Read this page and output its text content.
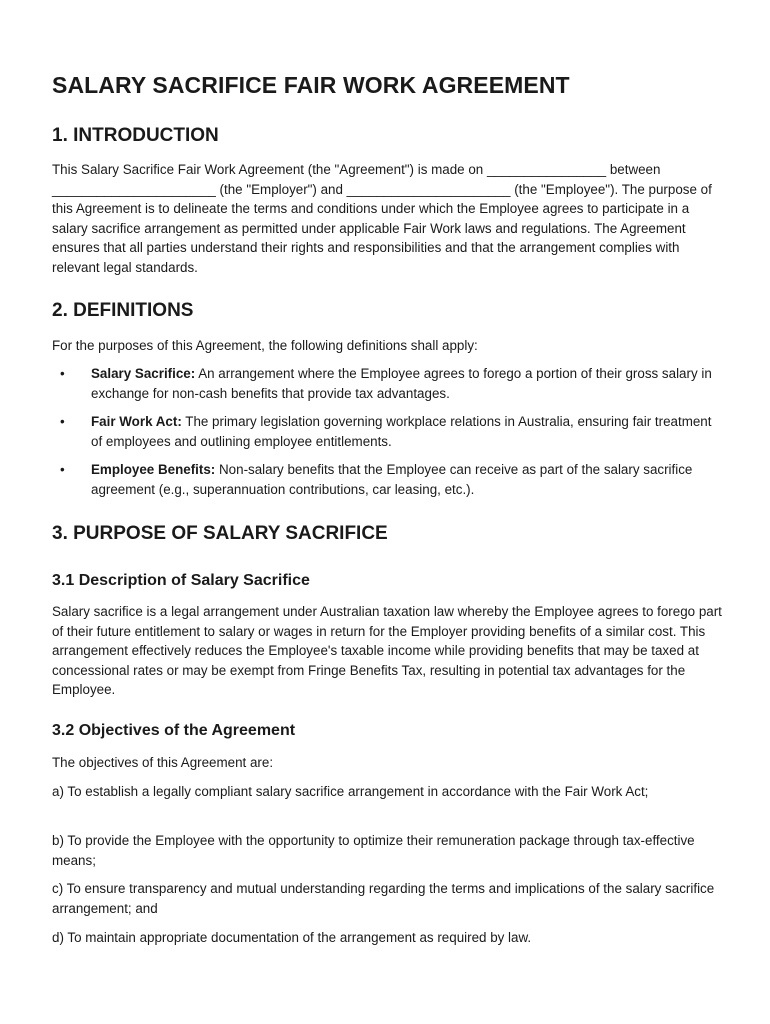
SALARY SACRIFICE FAIR WORK AGREEMENT
1. INTRODUCTION

This Salary Sacrifice Fair Work Agreement (the "Agreement") is made on ________________ between ______________________ (the "Employer") and ______________________ (the "Employee"). The purpose of this Agreement is to delineate the terms and conditions under which the Employee agrees to participate in a salary sacrifice arrangement as permitted under applicable Fair Work laws and regulations. The Agreement ensures that all parties understand their rights and responsibilities and that the arrangement complies with relevant legal standards.

2. DEFINITIONS

For the purposes of this Agreement, the following definitions shall apply:

• Salary Sacrifice: An arrangement where the Employee agrees to forego a portion of their gross salary in exchange for non-cash benefits that provide tax advantages.
• Fair Work Act: The primary legislation governing workplace relations in Australia, ensuring fair treatment of employees and outlining employee entitlements.
• Employee Benefits: Non-salary benefits that the Employee can receive as part of the salary sacrifice agreement (e.g., superannuation contributions, car leasing, etc.).
3. PURPOSE OF SALARY SACRIFICE
3.1 Description of Salary Sacrifice

Salary sacrifice is a legal arrangement under Australian taxation law whereby the Employee agrees to forego part of their future entitlement to salary or wages in return for the Employer providing benefits of a similar cost. This arrangement effectively reduces the Employee's taxable income while providing benefits that may be taxed at concessional rates or may be exempt from Fringe Benefits Tax, resulting in potential tax advantages for the Employee.

3.2 Objectives of the Agreement

The objectives of this Agreement are:

a) To establish a legally compliant salary sacrifice arrangement in accordance with the Fair Work Act;

b) To provide the Employee with the opportunity to optimize their remuneration package through tax-effective means;

c) To ensure transparency and mutual understanding regarding the terms and implications of the salary sacrifice arrangement; and

d) To maintain appropriate documentation of the arrangement as required by law.
